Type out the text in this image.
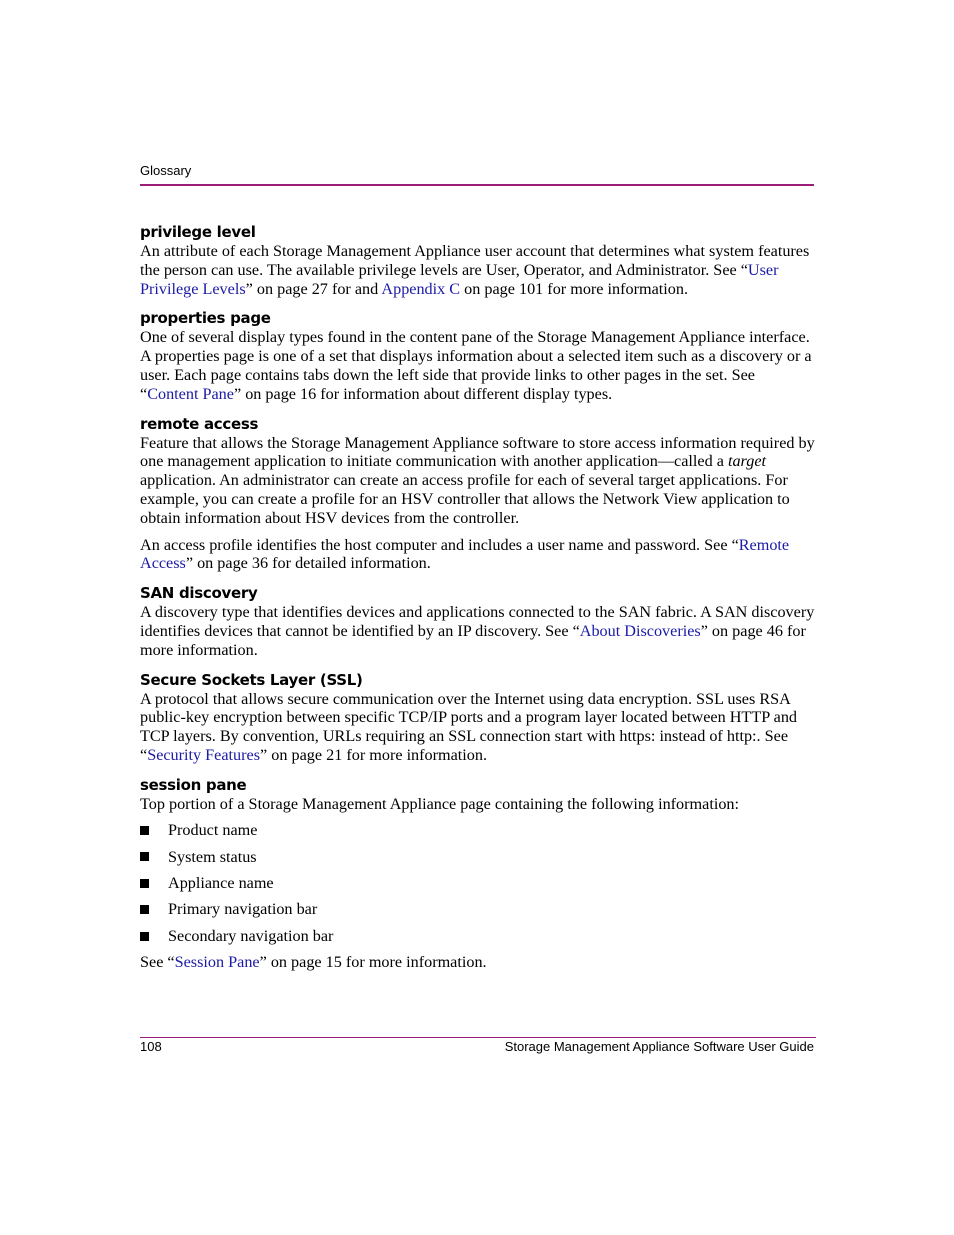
Glossary

privilege level

An attribute of each Storage Management Appliance user account that determines what system features the person can use. The available privilege levels are User, Operator, and Administrator. See “User Privilege Levels” on page 27 for and Appendix C on page 101 for more information.

properties page

One of several display types found in the content pane of the Storage Management Appliance interface. A properties page is one of a set that displays information about a selected item such as a discovery or a user. Each page contains tabs down the left side that provide links to other pages in the set. See “Content Pane” on page 16 for information about different display types.

remote access

Feature that allows the Storage Management Appliance software to store access information required by one management application to initiate communication with another application—called a target application. An administrator can create an access profile for each of several target applications. For example, you can create a profile for an HSV controller that allows the Network View application to obtain information about HSV devices from the controller.

An access profile identifies the host computer and includes a user name and password. See “Remote Access” on page 36 for detailed information.

SAN discovery

A discovery type that identifies devices and applications connected to the SAN fabric. A SAN discovery identifies devices that cannot be identified by an IP discovery. See “About Discoveries” on page 46 for more information.

Secure Sockets Layer (SSL)

A protocol that allows secure communication over the Internet using data encryption. SSL uses RSA public-key encryption between specific TCP/IP ports and a program layer located between HTTP and TCP layers. By convention, URLs requiring an SSL connection start with https: instead of http:. See “Security Features” on page 21 for more information.

session pane

Top portion of a Storage Management Appliance page containing the following information:

Product name
System status
Appliance name
Primary navigation bar
Secondary navigation bar

See “Session Pane” on page 15 for more information.

108	Storage Management Appliance Software User Guide
